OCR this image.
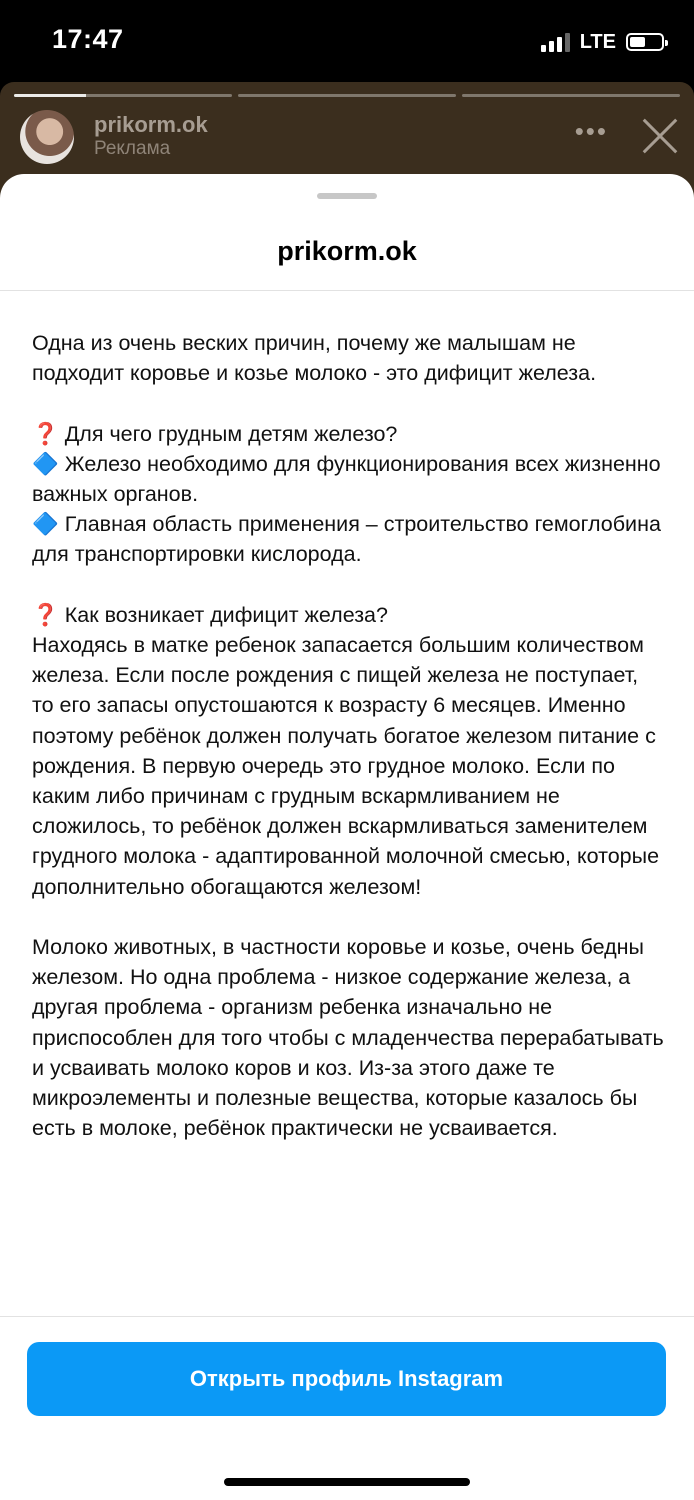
17:47	LTE
prikorm.ok
Реклама
•••
prikorm.ok
Одна из очень веских причин, почему же малышам не подходит коровье и козье молоко - это дифицит железа.

❓ Для чего грудным детям железо?
🔷 Железо необходимо для функционирования всех жизненно важных органов.
🔷 Главная область применения – строительство гемоглобина для транспортировки кислорода.

❓ Как возникает дифицит железа?
Находясь в матке ребенок запасается большим количеством железа. Если после рождения с пищей железа не поступает, то его запасы опустошаются к возрасту 6 месяцев. Именно поэтому ребёнок должен получать богатое железом питание с рождения. В первую очередь это грудное молоко. Если по каким либо причинам с грудным вскармливанием не сложилось, то ребёнок должен вскармливаться заменителем грудного молока - адаптированной молочной смесью, которые дополнительно обогащаются железом!

Молоко животных, в частности коровье и козье, очень бедны железом. Но одна проблема - низкое содержание железа, а другая проблема - организм ребенка изначально не приспособлен для того чтобы с младенчества перерабатывать и усваивать молоко коров и коз. Из-за этого даже те микроэлементы и полезные вещества, которые казалось бы есть в молоке, ребёнок практически не усваивается.
Открыть профиль Instagram
